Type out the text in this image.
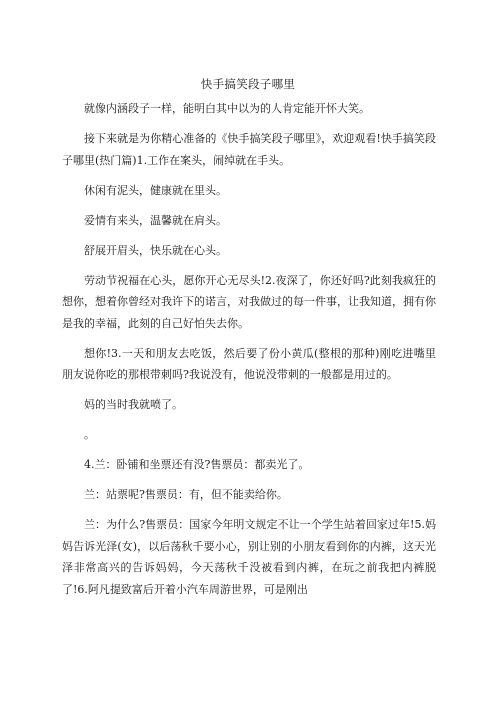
快手搞笑段子哪里

就像内涵段子一样，能明白其中以为的人肯定能开怀大笑。

接下来就是为你精心准备的《快手搞笑段子哪里》，欢迎观看!快手搞笑段子哪里(热门篇)1.工作在案头，闹绰就在手头。

休闲有泥头，健康就在里头。

爱情有来头，温馨就在肩头。

舒展开眉头，快乐就在心头。

劳动节祝福在心头，愿你开心无尽头!2.夜深了，你还好吗?此刻我疯狂的想你，想着你曾经对我许下的诺言，对我做过的每一件事，让我知道，拥有你是我的幸福，此刻的自己好怕失去你。

想你!3.一天和朋友去吃饭，然后要了份小黄瓜(整根的那种)刚吃进嘴里朋友说你吃的那根带刺吗?我说没有，他说没带刺的一般都是用过的。

妈的当时我就喷了。

。

4.兰：卧铺和坐票还有没?售票员：都卖光了。

兰：站票呢?售票员：有，但不能卖给你。

兰：为什么?售票员：国家今年明文规定不让一个学生站着回家过年!5.妈妈告诉光泽(女)，以后荡秋千要小心，别让别的小朋友看到你的内裤，这天光泽非常高兴的告诉妈妈，今天荡秋千没被看到内裤，在玩之前我把内裤脱了!6.阿凡提致富后开着小汽车周游世界，可是刚出
